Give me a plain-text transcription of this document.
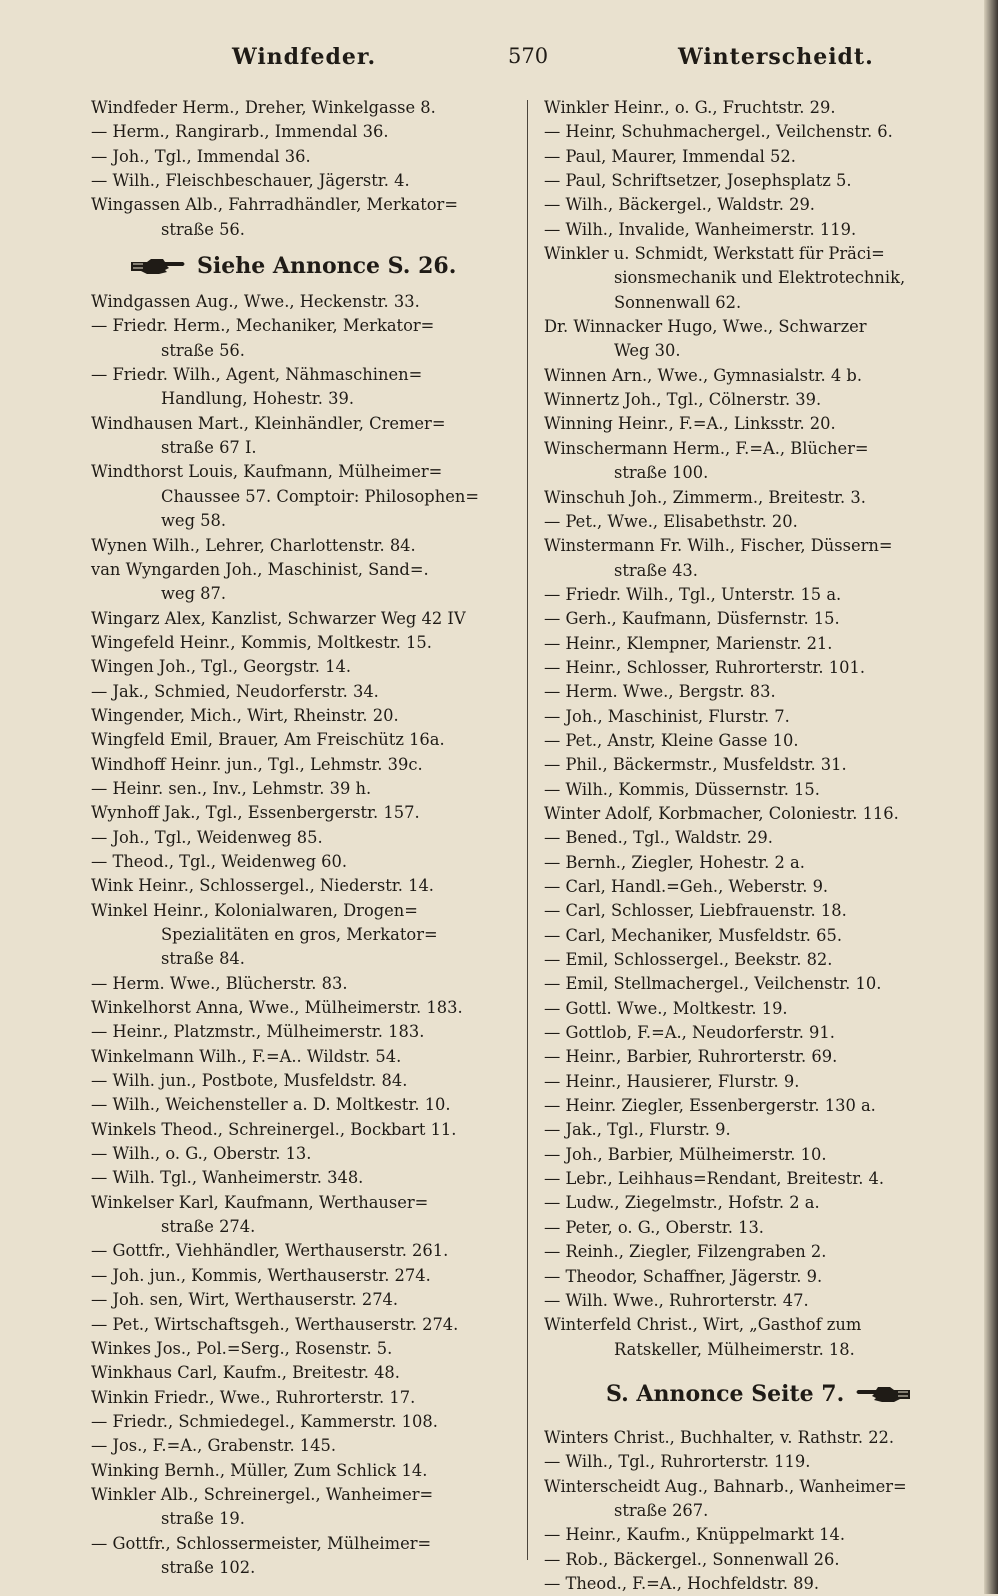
Windfeder.	570	Winterscheidt.
Windfeder Herm., Dreher, Winkelgasse 8.
— Herm., Rangirarb., Immendal 36.
— Joh., Tgl., Immendal 36.
— Wilh., Fleischbeschauer, Jägerstr. 4.
Wingassen Alb., Fahrradhändler, Merkator=
straße 56.
Siehe Annonce S. 26.
Windgassen Aug., Wwe., Heckenstr. 33.
— Friedr. Herm., Mechaniker, Merkator=
straße 56.
— Friedr. Wilh., Agent, Nähmaschinen=
Handlung, Hohestr. 39.
Windhausen Mart., Kleinhändler, Cremer=
straße 67 I.
Windthorst Louis, Kaufmann, Mülheimer=
Chaussee 57. Comptoir: Philosophen=
weg 58.
Wynen Wilh., Lehrer, Charlottenstr. 84.
van Wyngarden Joh., Maschinist, Sand=.
weg 87.
Wingarz Alex, Kanzlist, Schwarzer Weg 42 IV
Wingefeld Heinr., Kommis, Moltkestr. 15.
Wingen Joh., Tgl., Georgstr. 14.
— Jak., Schmied, Neudorferstr. 34.
Wingender, Mich., Wirt, Rheinstr. 20.
Wingfeld Emil, Brauer, Am Freischütz 16a.
Windhoff Heinr. jun., Tgl., Lehmstr. 39c.
— Heinr. sen., Inv., Lehmstr. 39 h.
Wynhoff Jak., Tgl., Essenbergerstr. 157.
— Joh., Tgl., Weidenweg 85.
— Theod., Tgl., Weidenweg 60.
Wink Heinr., Schlossergel., Niederstr. 14.
Winkel Heinr., Kolonialwaren, Drogen=
Spezialitäten en gros, Merkator=
straße 84.
— Herm. Wwe., Blücherstr. 83.
Winkelhorst Anna, Wwe., Mülheimerstr. 183.
— Heinr., Platzmstr., Mülheimerstr. 183.
Winkelmann Wilh., F.=A.. Wildstr. 54.
— Wilh. jun., Postbote, Musfeldstr. 84.
— Wilh., Weichensteller a. D. Moltkestr. 10.
Winkels Theod., Schreinergel., Bockbart 11.
— Wilh., o. G., Oberstr. 13.
— Wilh. Tgl., Wanheimerstr. 348.
Winkelser Karl, Kaufmann, Werthauser=
straße 274.
— Gottfr., Viehhändler, Werthauserstr. 261.
— Joh. jun., Kommis, Werthauserstr. 274.
— Joh. sen, Wirt, Werthauserstr. 274.
— Pet., Wirtschaftsgeh., Werthauserstr. 274.
Winkes Jos., Pol.=Serg., Rosenstr. 5.
Winkhaus Carl, Kaufm., Breitestr. 48.
Winkin Friedr., Wwe., Ruhrorterstr. 17.
— Friedr., Schmiedegel., Kammerstr. 108.
— Jos., F.=A., Grabenstr. 145.
Winking Bernh., Müller, Zum Schlick 14.
Winkler Alb., Schreinergel., Wanheimer=
straße 19.
— Gottfr., Schlossermeister, Mülheimer=
straße 102.
Winkler Heinr., o. G., Fruchtstr. 29.
— Heinr, Schuhmachergel., Veilchenstr. 6.
— Paul, Maurer, Immendal 52.
— Paul, Schriftsetzer, Josephsplatz 5.
— Wilh., Bäckergel., Waldstr. 29.
— Wilh., Invalide, Wanheimerstr. 119.
Winkler u. Schmidt, Werkstatt für Präci=
sionsmechanik und Elektrotechnik,
Sonnenwall 62.
Dr. Winnacker Hugo, Wwe., Schwarzer
Weg 30.
Winnen Arn., Wwe., Gymnasialstr. 4 b.
Winnertz Joh., Tgl., Cölnerstr. 39.
Winning Heinr., F.=A., Linksstr. 20.
Winschermann Herm., F.=A., Blücher=
straße 100.
Winschuh Joh., Zimmerm., Breitestr. 3.
— Pet., Wwe., Elisabethstr. 20.
Winstermann Fr. Wilh., Fischer, Düssern=
straße 43.
— Friedr. Wilh., Tgl., Unterstr. 15 a.
— Gerh., Kaufmann, Düsfernstr. 15.
— Heinr., Klempner, Marienstr. 21.
— Heinr., Schlosser, Ruhrorterstr. 101.
— Herm. Wwe., Bergstr. 83.
— Joh., Maschinist, Flurstr. 7.
— Pet., Anstr, Kleine Gasse 10.
— Phil., Bäckermstr., Musfeldstr. 31.
— Wilh., Kommis, Düssernstr. 15.
Winter Adolf, Korbmacher, Coloniestr. 116.
— Bened., Tgl., Waldstr. 29.
— Bernh., Ziegler, Hohestr. 2 a.
— Carl, Handl.=Geh., Weberstr. 9.
— Carl, Schlosser, Liebfrauenstr. 18.
— Carl, Mechaniker, Musfeldstr. 65.
— Emil, Schlossergel., Beekstr. 82.
— Emil, Stellmachergel., Veilchenstr. 10.
— Gottl. Wwe., Moltkestr. 19.
— Gottlob, F.=A., Neudorferstr. 91.
— Heinr., Barbier, Ruhrorterstr. 69.
— Heinr., Hausierer, Flurstr. 9.
— Heinr. Ziegler, Essenbergerstr. 130 a.
— Jak., Tgl., Flurstr. 9.
— Joh., Barbier, Mülheimerstr. 10.
— Lebr., Leihhaus=Rendant, Breitestr. 4.
— Ludw., Ziegelmstr., Hofstr. 2 a.
— Peter, o. G., Oberstr. 13.
— Reinh., Ziegler, Filzengraben 2.
— Theodor, Schaffner, Jägerstr. 9.
— Wilh. Wwe., Ruhrorterstr. 47.
Winterfeld Christ., Wirt, „Gasthof zum
Ratskeller, Mülheimerstr. 18.
S. Annonce Seite 7.
Winters Christ., Buchhalter, v. Rathstr. 22.
— Wilh., Tgl., Ruhrorterstr. 119.
Winterscheidt Aug., Bahnarb., Wanheimer=
straße 267.
— Heinr., Kaufm., Knüppelmarkt 14.
— Rob., Bäckergel., Sonnenwall 26.
— Theod., F.=A., Hochfeldstr. 89.
